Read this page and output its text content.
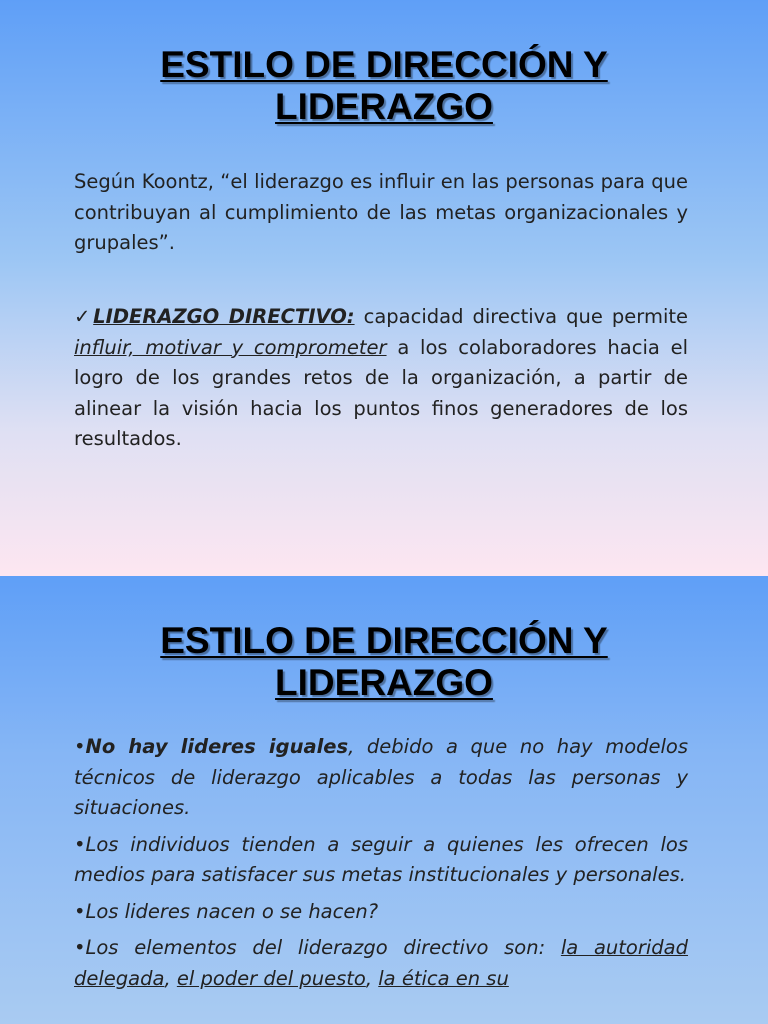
ESTILO DE DIRECCIÓN Y
LIDERAZGO

Según Koontz, “el liderazgo es influir en las personas para que contribuyan al cumplimiento de las metas organizacionales y grupales”.

✓LIDERAZGO DIRECTIVO: capacidad directiva que permite influir, motivar y comprometer a los colaboradores hacia el logro de los grandes retos de la organización, a partir de alinear la visión hacia los puntos finos generadores de los resultados.

ESTILO DE DIRECCIÓN Y
LIDERAZGO
•No hay lideres iguales, debido a que no hay modelos técnicos de liderazgo aplicables a todas las personas y situaciones.
•Los individuos tienden a seguir a quienes les ofrecen los medios para satisfacer sus metas institucionales y personales.
•Los lideres nacen o se hacen?
•Los elementos del liderazgo directivo son: la autoridad delegada, el poder del puesto, la ética en su
